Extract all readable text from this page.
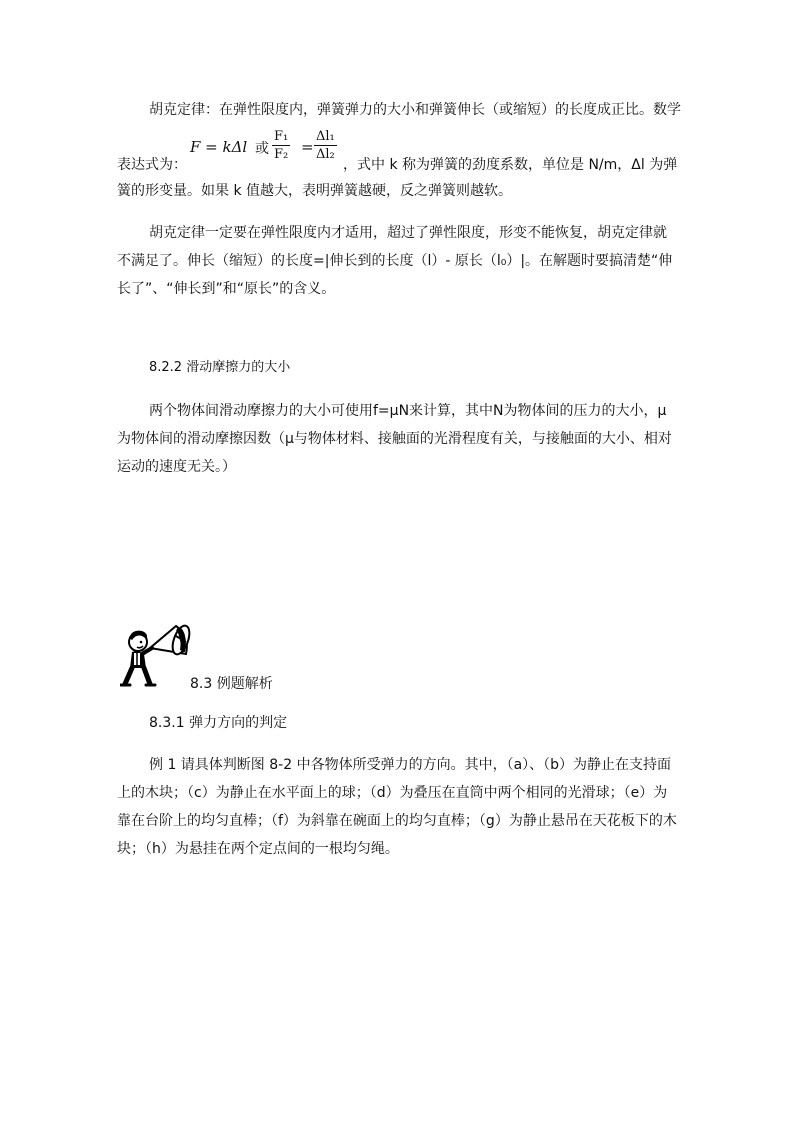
胡克定律：在弹性限度内，弹簧弹力的大小和弹簧伸长（或缩短）的长度成正比。数学
F = kΔl 或 $\frac{\text{F₁}}{\text{F₂}} = \frac{\text{Δl₁}}{\text{Δl₂}}$
表达式为：	，式中 k 称为弹簧的劲度系数，单位是 N/m，Δl 为弹
簧的形变量。如果 k 值越大，表明弹簧越硬，反之弹簧则越软。
胡克定律一定要在弹性限度内才适用，超过了弹性限度，形变不能恢复，胡克定律就不满足了。伸长（缩短）的长度=|伸长到的长度（l）- 原长（l₀）|。在解题时要搞清楚“伸长了”、“伸长到”和“原长”的含义。
8.2.2 滑动摩擦力的大小
两个物体间滑动摩擦力的大小可使用f=μN来计算，其中N为物体间的压力的大小，μ为物体间的滑动摩擦因数（μ与物体材料、接触面的光滑程度有关，与接触面的大小、相对运动的速度无关。）
8.3 例题解析
8.3.1 弹力方向的判定
例 1 请具体判断图 8-2 中各物体所受弹力的方向。其中，（a）、（b）为静止在支持面上的木块；（c）为静止在水平面上的球；（d）为叠压在直筒中两个相同的光滑球；（e）为靠在台阶上的均匀直棒；（f）为斜靠在碗面上的均匀直棒；（g）为静止悬吊在天花板下的木块；（h）为悬挂在两个定点间的一根均匀绳。
